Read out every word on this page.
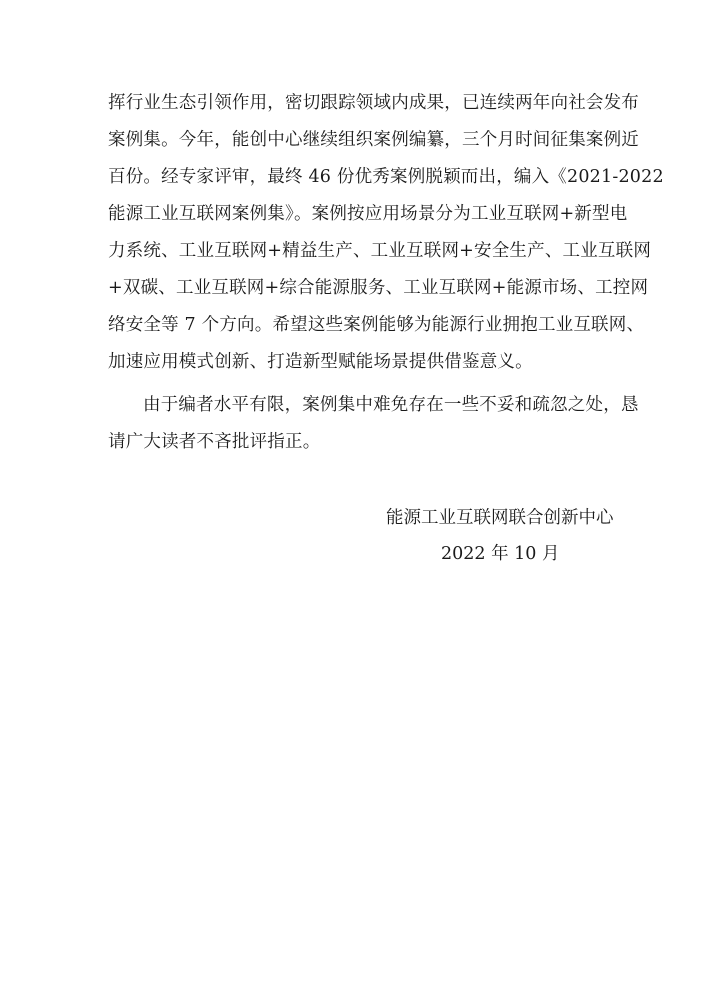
挥行业生态引领作用，密切跟踪领域内成果，已连续两年向社会发布
案例集。今年，能创中心继续组织案例编纂，三个月时间征集案例近
百份。经专家评审，最终 46 份优秀案例脱颖而出，编入《2021-2022
能源工业互联网案例集》。案例按应用场景分为工业互联网+新型电
力系统、工业互联网+精益生产、工业互联网+安全生产、工业互联网
+双碳、工业互联网+综合能源服务、工业互联网+能源市场、工控网
络安全等 7 个方向。希望这些案例能够为能源行业拥抱工业互联网、
加速应用模式创新、打造新型赋能场景提供借鉴意义。
由于编者水平有限，案例集中难免存在一些不妥和疏忽之处，恳
请广大读者不吝批评指正。
能源工业互联网联合创新中心
2022 年 10 月
